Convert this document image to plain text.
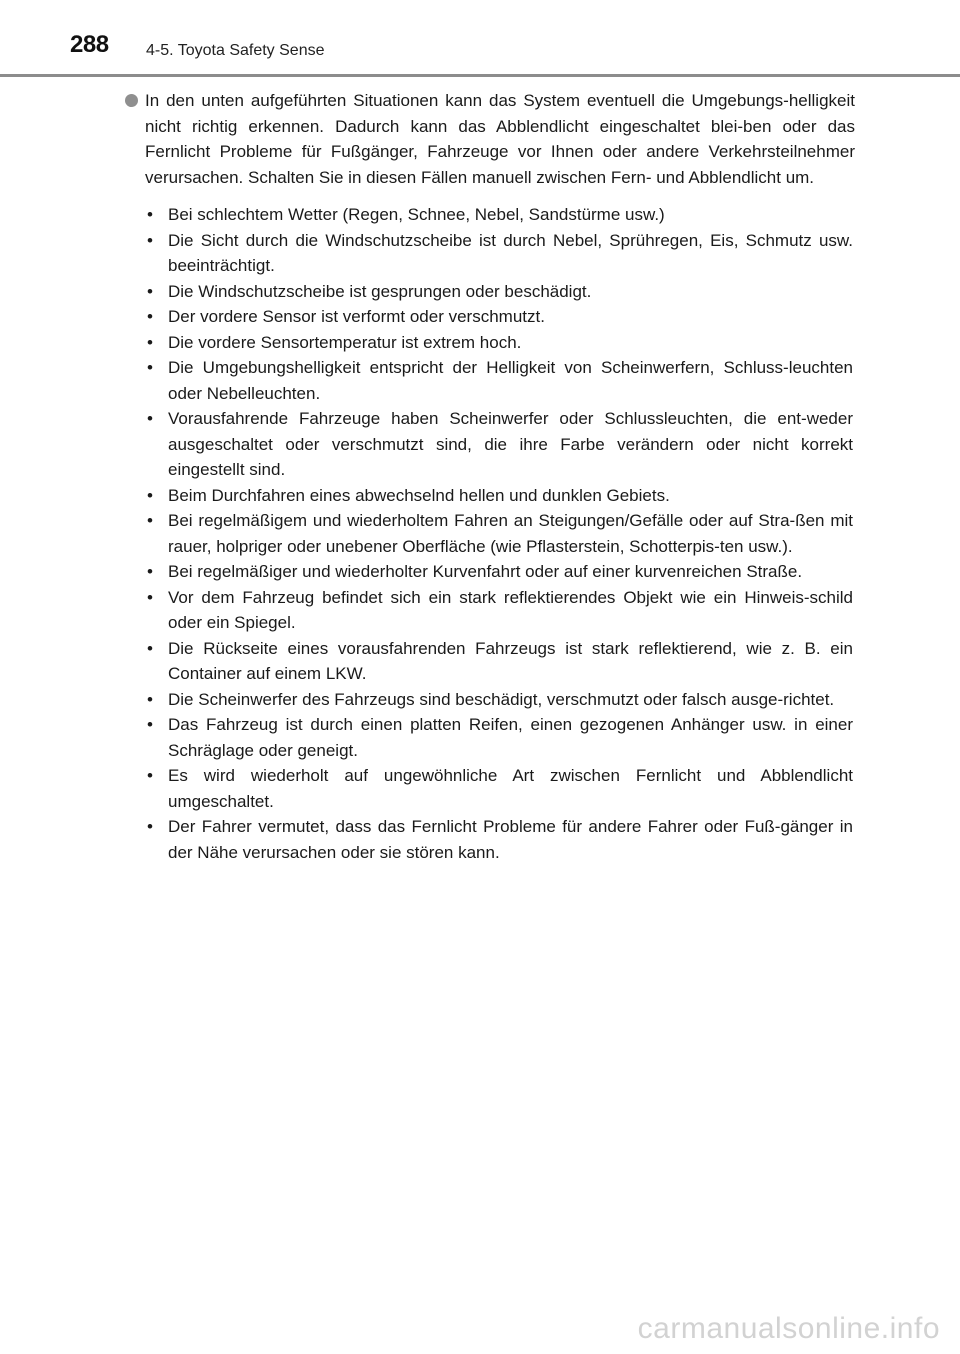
288 4-5. Toyota Safety Sense

In den unten aufgeführten Situationen kann das System eventuell die Umgebungs-helligkeit nicht richtig erkennen. Dadurch kann das Abblendlicht eingeschaltet blei-ben oder das Fernlicht Probleme für Fußgänger, Fahrzeuge vor Ihnen oder andere Verkehrsteilnehmer verursachen. Schalten Sie in diesen Fällen manuell zwischen Fern- und Abblendlicht um.

• Bei schlechtem Wetter (Regen, Schnee, Nebel, Sandstürme usw.)
• Die Sicht durch die Windschutzscheibe ist durch Nebel, Sprühregen, Eis, Schmutz usw. beeinträchtigt.
• Die Windschutzscheibe ist gesprungen oder beschädigt.
• Der vordere Sensor ist verformt oder verschmutzt.
• Die vordere Sensortemperatur ist extrem hoch.
• Die Umgebungshelligkeit entspricht der Helligkeit von Scheinwerfern, Schluss-leuchten oder Nebelleuchten.
• Vorausfahrende Fahrzeuge haben Scheinwerfer oder Schlussleuchten, die ent-weder ausgeschaltet oder verschmutzt sind, die ihre Farbe verändern oder nicht korrekt eingestellt sind.
• Beim Durchfahren eines abwechselnd hellen und dunklen Gebiets.
• Bei regelmäßigem und wiederholtem Fahren an Steigungen/Gefälle oder auf Stra-ßen mit rauer, holpriger oder unebener Oberfläche (wie Pflasterstein, Schotterpis-ten usw.).
• Bei regelmäßiger und wiederholter Kurvenfahrt oder auf einer kurvenreichen Straße.
• Vor dem Fahrzeug befindet sich ein stark reflektierendes Objekt wie ein Hinweis-schild oder ein Spiegel.
• Die Rückseite eines vorausfahrenden Fahrzeugs ist stark reflektierend, wie z. B. ein Container auf einem LKW.
• Die Scheinwerfer des Fahrzeugs sind beschädigt, verschmutzt oder falsch ausge-richtet.
• Das Fahrzeug ist durch einen platten Reifen, einen gezogenen Anhänger usw. in einer Schräglage oder geneigt.
• Es wird wiederholt auf ungewöhnliche Art zwischen Fernlicht und Abblendlicht umgeschaltet.
• Der Fahrer vermutet, dass das Fernlicht Probleme für andere Fahrer oder Fuß-gänger in der Nähe verursachen oder sie stören kann.
carmanualsonline.info
